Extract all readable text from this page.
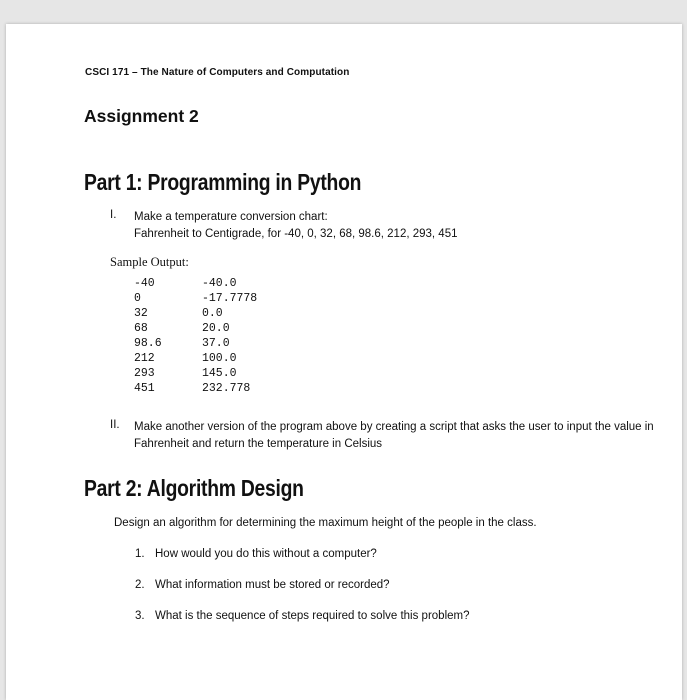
CSCI 171 – The Nature of Computers and Computation
Assignment 2
Part 1: Programming in Python
I. Make a temperature conversion chart:
Fahrenheit to Centigrade, for -40, 0, 32, 68, 98.6, 212, 293, 451
Sample Output:
-40	-40.0
0	-17.7778
32	0.0
68	20.0
98.6	37.0
212	100.0
293	145.0
451	232.778
II. Make another version of the program above by creating a script that asks the user to input the value in Fahrenheit and return the temperature in Celsius
Part 2: Algorithm Design
Design an algorithm for determining the maximum height of the people in the class.
1. How would you do this without a computer?
2. What information must be stored or recorded?
3. What is the sequence of steps required to solve this problem?
